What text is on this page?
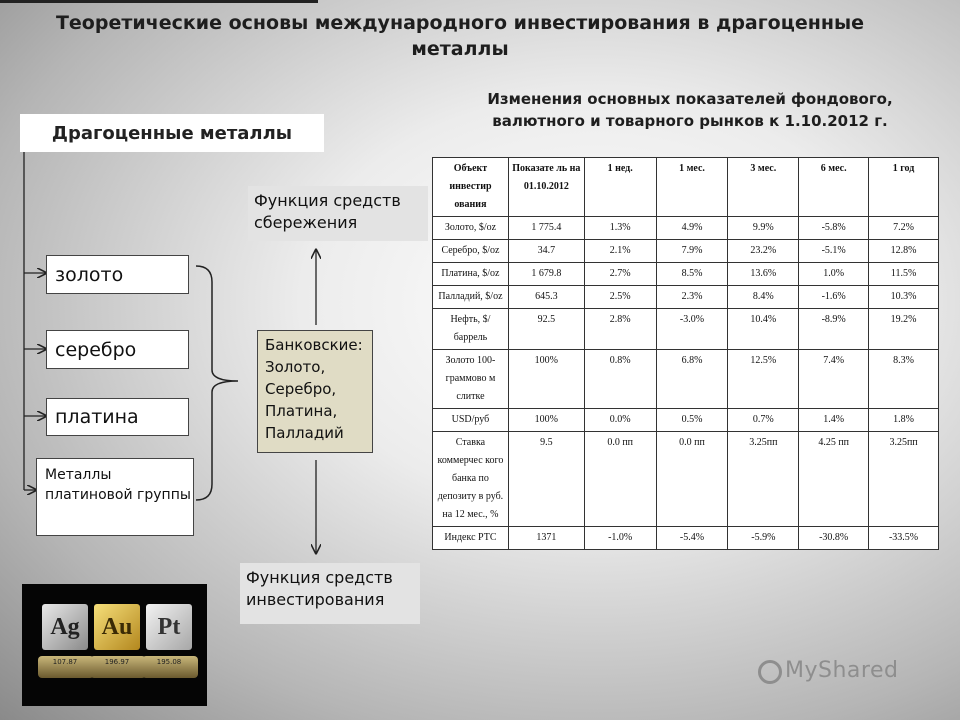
Теоретические основы международного инвестирования в драгоценные металлы
Изменения основных показателей фондового, валютного и товарного рынков к 1.10.2012 г.
Драгоценные металлы
золото
серебро
платина
Металлы платиновой группы
Банковские: Золото, Серебро, Платина, Палладий
Функция средств сбережения
Функция средств инвестирования
Ag Au Pt
107.87	196.97	195.08
Объект инвестир ования	Показате ль на 01.10.2012	1 нед.	1 мес.	3 мес.	6 мес.	1 год
Золото, $/oz	1 775.4	1.3%	4.9%	9.9%	-5.8%	7.2%
Серебро, $/oz	34.7	2.1%	7.9%	23.2%	-5.1%	12.8%
Платина, $/oz	1 679.8	2.7%	8.5%	13.6%	1.0%	11.5%
Палладий, $/oz	645.3	2.5%	2.3%	8.4%	-1.6%	10.3%
Нефть, $/баррель	92.5	2.8%	-3.0%	10.4%	-8.9%	19.2%
Золото 100- граммово м слитке	100%	0.8%	6.8%	12.5%	7.4%	8.3%
USD/руб	100%	0.0%	0.5%	0.7%	1.4%	1.8%
Ставка коммерчес кого банка по депозиту в руб. на 12 мес., %	9.5	0.0 пп	0.0 пп	3.25пп	4.25 пп	3.25пп
Индекс РТС	1371	-1.0%	-5.4%	-5.9%	-30.8%	-33.5%
MyShared
